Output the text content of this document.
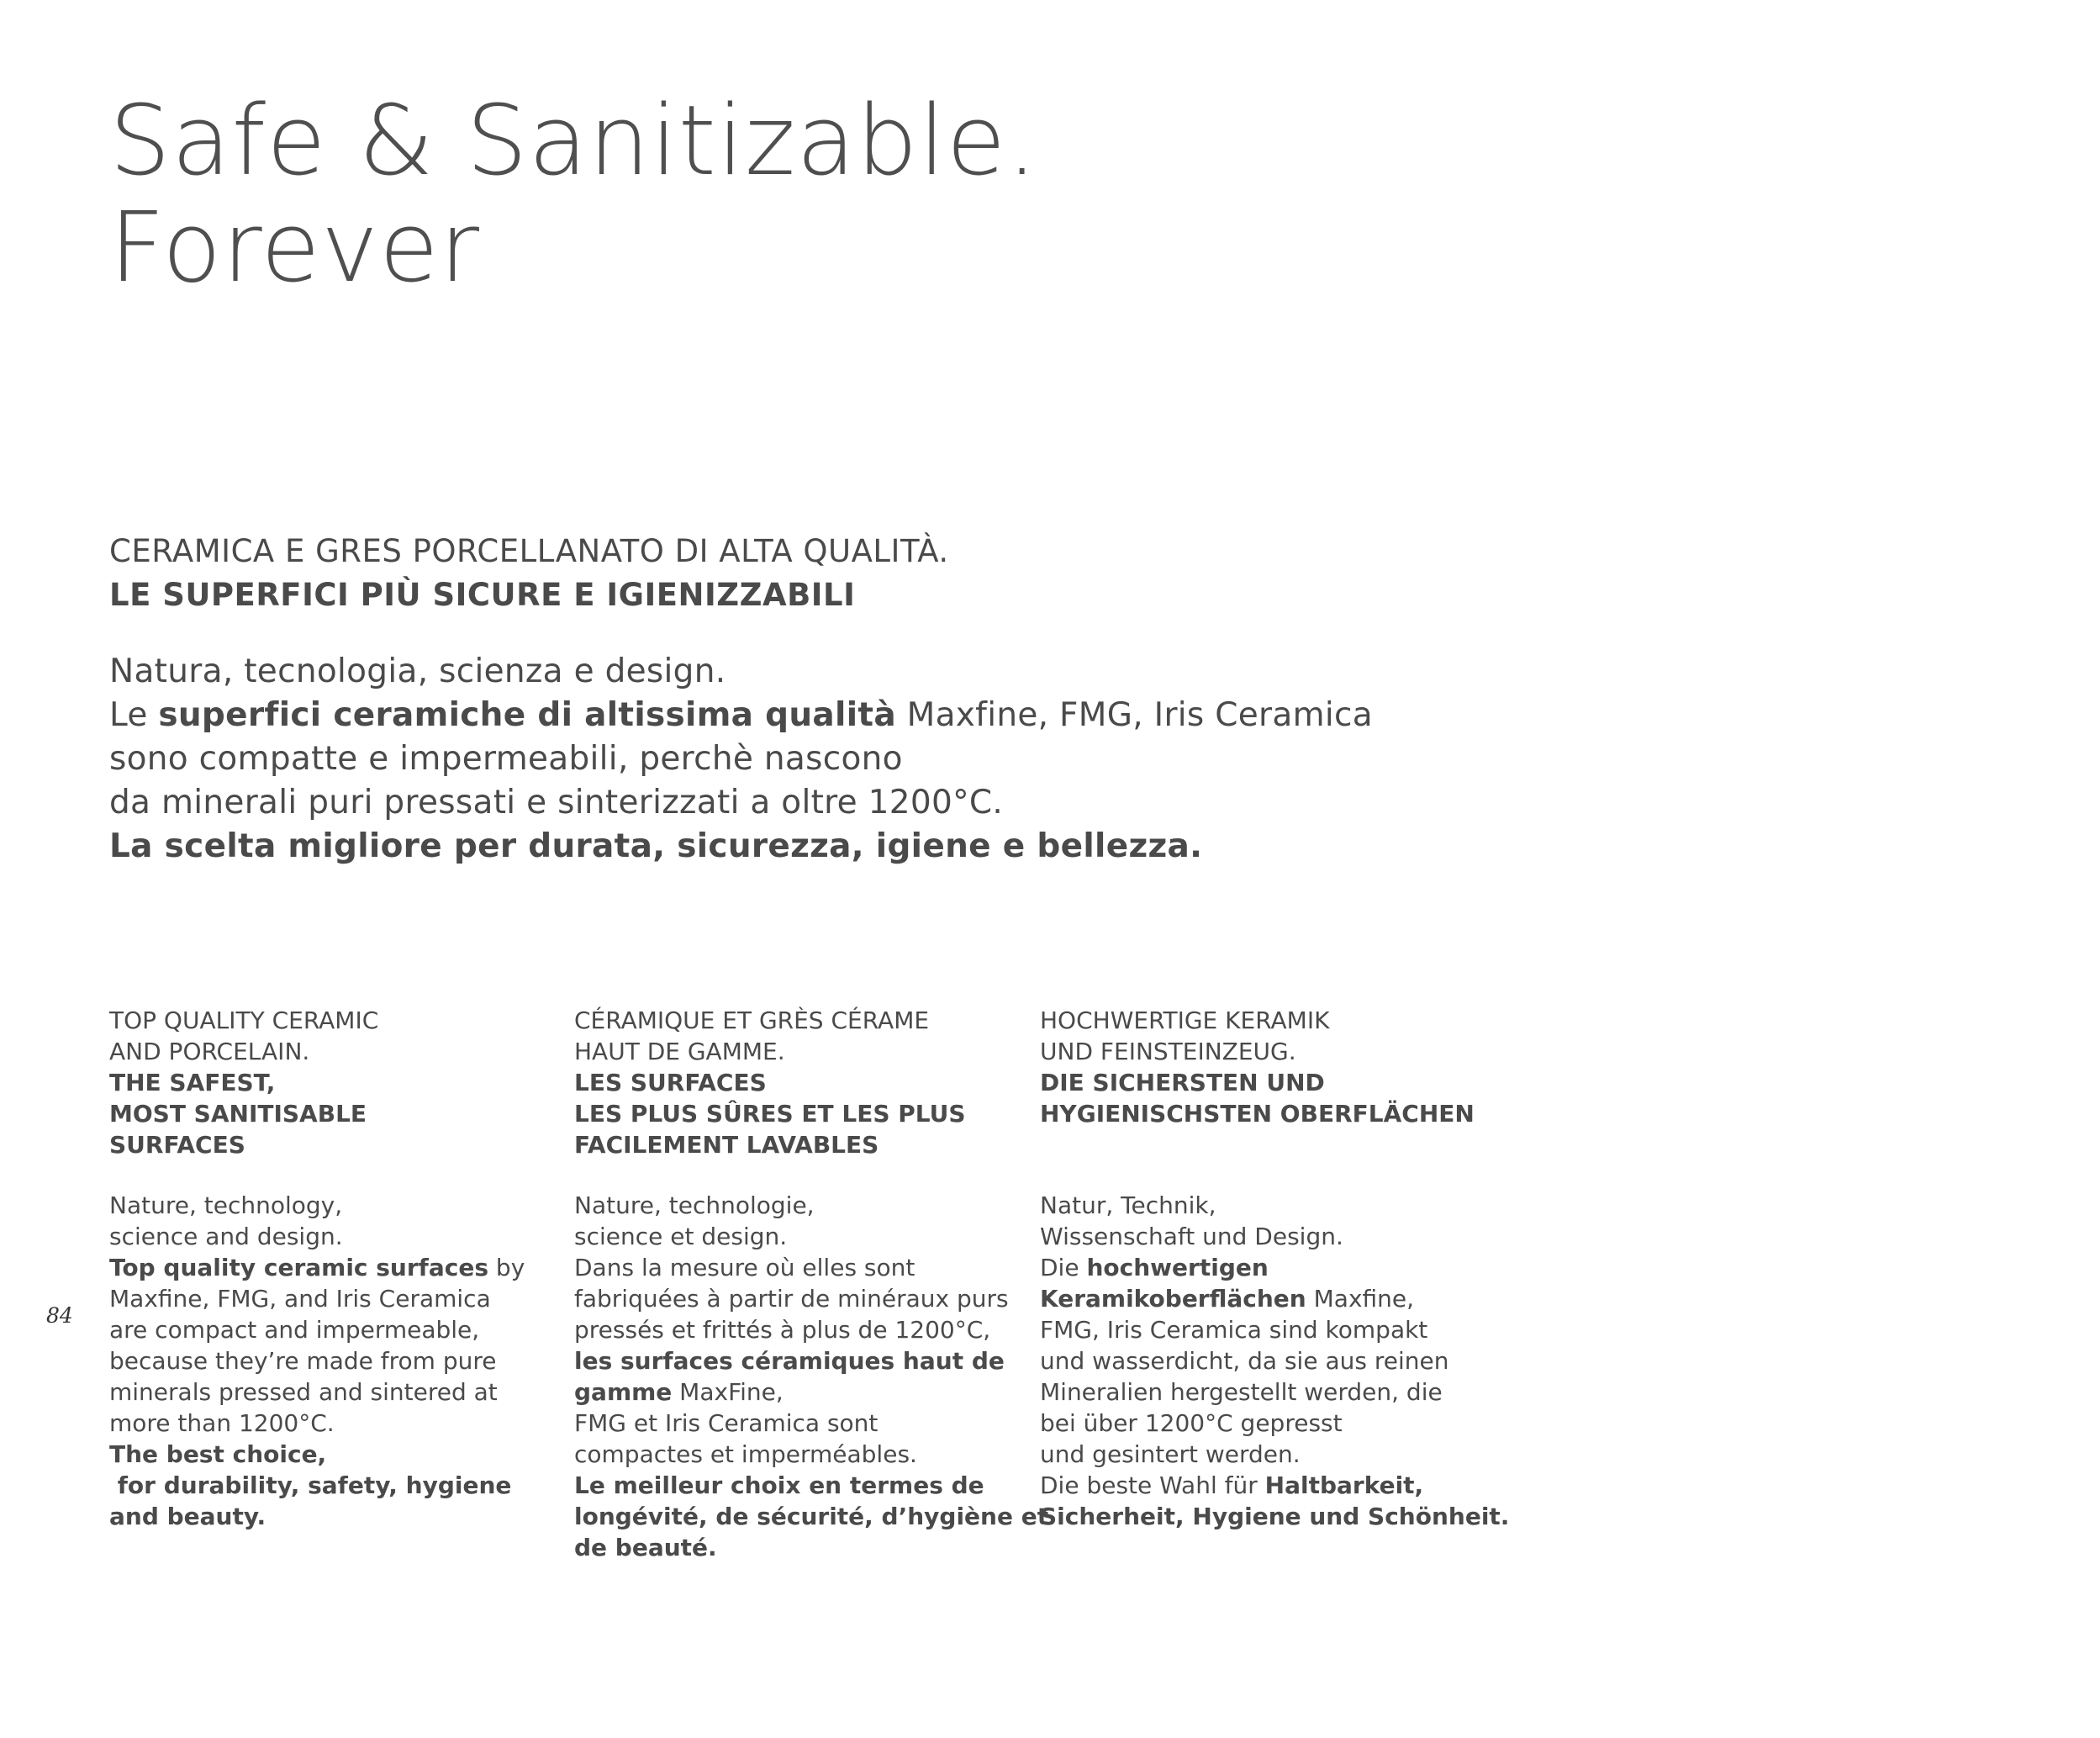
Safe & Sanitizable.
Forever
CERAMICA E GRES PORCELLANATO DI ALTA QUALITÀ.
LE SUPERFICI PIÙ SICURE E IGIENIZZABILI
Natura, tecnologia, scienza e design.
Le superfici ceramiche di altissima qualità Maxfine, FMG, Iris Ceramica
sono compatte e impermeabili, perchè nascono
da minerali puri pressati e sinterizzati a oltre 1200°C.
La scelta migliore per durata, sicurezza, igiene e bellezza.
TOP QUALITY CERAMIC
AND PORCELAIN.
THE SAFEST,
MOST SANITISABLE
SURFACES
Nature, technology,
science and design.
Top quality ceramic surfaces by
Maxfine, FMG, and Iris Ceramica
are compact and impermeable,
because they’re made from pure
minerals pressed and sintered at
more than 1200°C.
The best choice,
for durability, safety, hygiene
and beauty.
CÉRAMIQUE ET GRÈS CÉRAME
HAUT DE GAMME.
LES SURFACES
LES PLUS SÛRES ET LES PLUS
FACILEMENT LAVABLES
Nature, technologie,
science et design.
Dans la mesure où elles sont
fabriquées à partir de minéraux purs
pressés et frittés à plus de 1200°C,
les surfaces céramiques haut de
gamme MaxFine,
FMG et Iris Ceramica sont
compactes et imperméables.
Le meilleur choix en termes de
longévité, de sécurité, d’hygiène et
de beauté.
HOCHWERTIGE KERAMIK
UND FEINSTEINZEUG.
DIE SICHERSTEN UND
HYGIENISCHSTEN OBERFLÄCHEN

Natur, Technik,
Wissenschaft und Design.
Die hochwertigen
Keramikoberflächen Maxfine,
FMG, Iris Ceramica sind kompakt
und wasserdicht, da sie aus reinen
Mineralien hergestellt werden, die
bei über 1200°C gepresst
und gesintert werden.
Die beste Wahl für Haltbarkeit,
Sicherheit, Hygiene und Schönheit.
84
